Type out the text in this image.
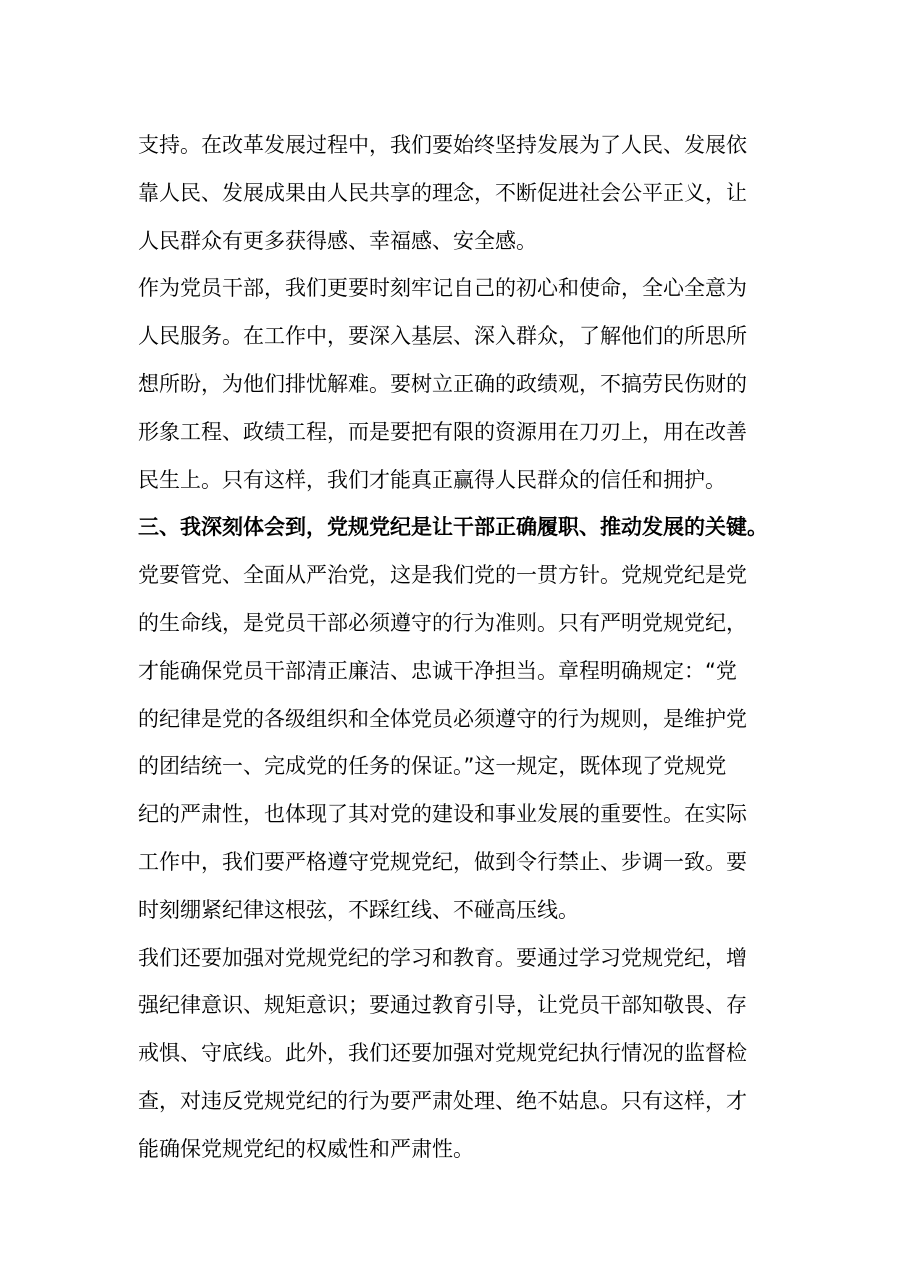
支持。在改革发展过程中，我们要始终坚持发展为了人民、发展依
靠人民、发展成果由人民共享的理念，不断促进社会公平正义，让
人民群众有更多获得感、幸福感、安全感。
作为党员干部，我们更要时刻牢记自己的初心和使命，全心全意为
人民服务。在工作中，要深入基层、深入群众，了解他们的所思所
想所盼，为他们排忧解难。要树立正确的政绩观，不搞劳民伤财的
形象工程、政绩工程，而是要把有限的资源用在刀刃上，用在改善
民生上。只有这样，我们才能真正赢得人民群众的信任和拥护。
三、我深刻体会到，党规党纪是让干部正确履职、推动发展的关键。
党要管党、全面从严治党，这是我们党的一贯方针。党规党纪是党
的生命线，是党员干部必须遵守的行为准则。只有严明党规党纪，
才能确保党员干部清正廉洁、忠诚干净担当。章程明确规定：“党
的纪律是党的各级组织和全体党员必须遵守的行为规则，是维护党
的团结统一、完成党的任务的保证。”这一规定，既体现了党规党
纪的严肃性，也体现了其对党的建设和事业发展的重要性。在实际
工作中，我们要严格遵守党规党纪，做到令行禁止、步调一致。要
时刻绷紧纪律这根弦，不踩红线、不碰高压线。
我们还要加强对党规党纪的学习和教育。要通过学习党规党纪，增
强纪律意识、规矩意识；要通过教育引导，让党员干部知敬畏、存
戒惧、守底线。此外，我们还要加强对党规党纪执行情况的监督检
查，对违反党规党纪的行为要严肃处理、绝不姑息。只有这样，才
能确保党规党纪的权威性和严肃性。
